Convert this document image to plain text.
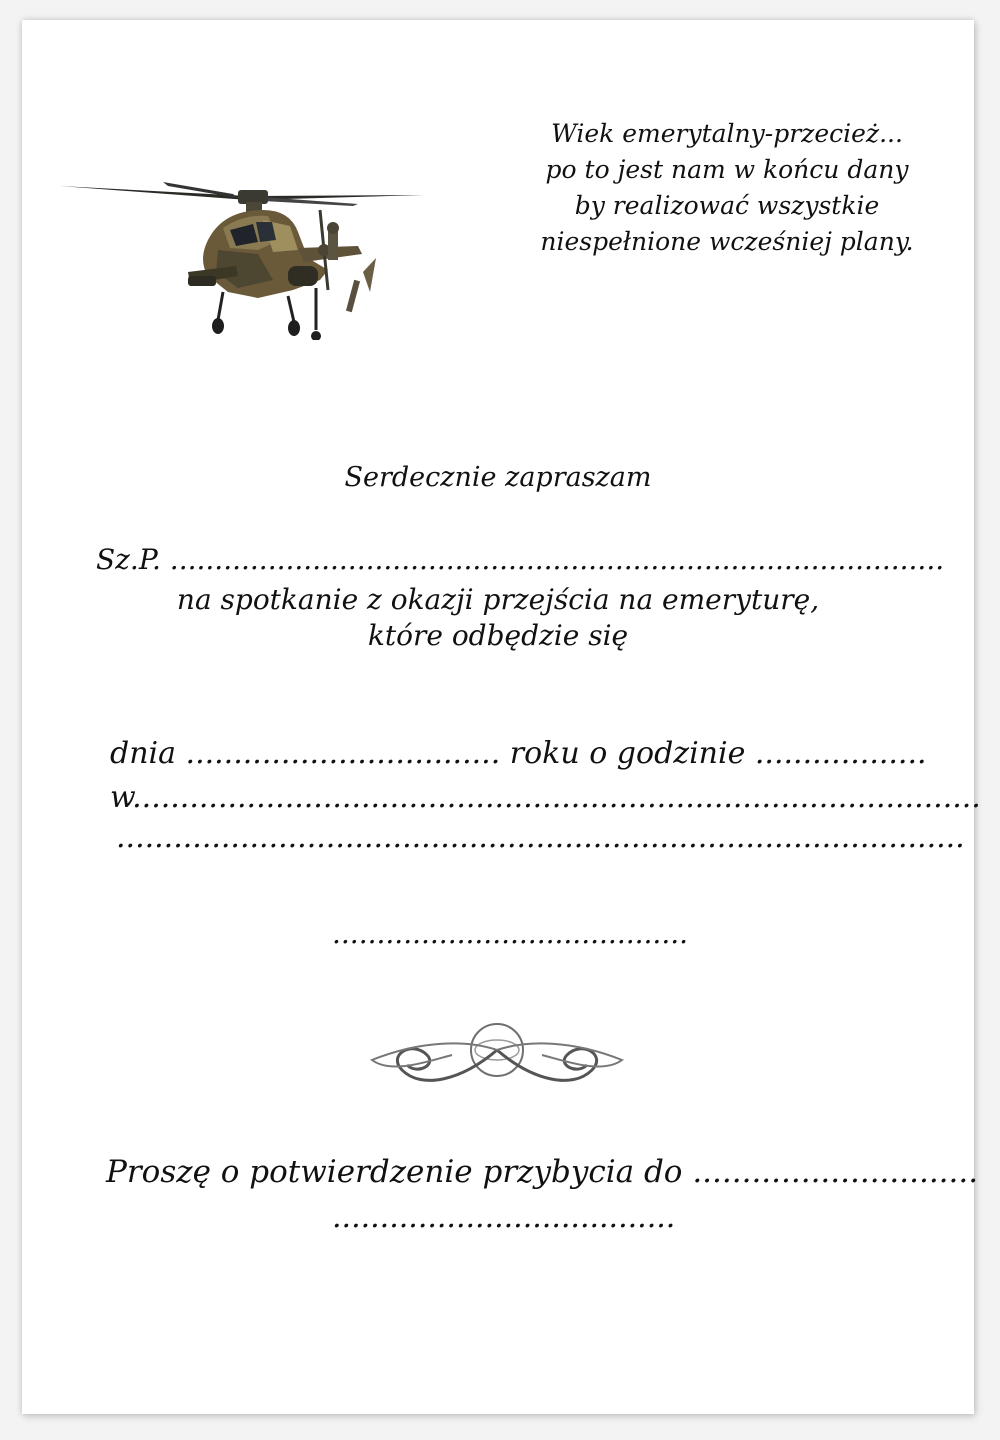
Wiek emerytalny-przecież...
po to jest nam w końcu dany
by realizować wszystkie
niespełnione wcześniej plany.
Serdecznie zapraszam
Sz.P. .......................................................................................
na spotkanie z okazji przejścia na emeryturę,
które odbędzie się
dnia ................................. roku o godzinie ..................
w.........................................................................................
.........................................................................................
........................................
Proszę o potwierdzenie przybycia do .............................
....................................
